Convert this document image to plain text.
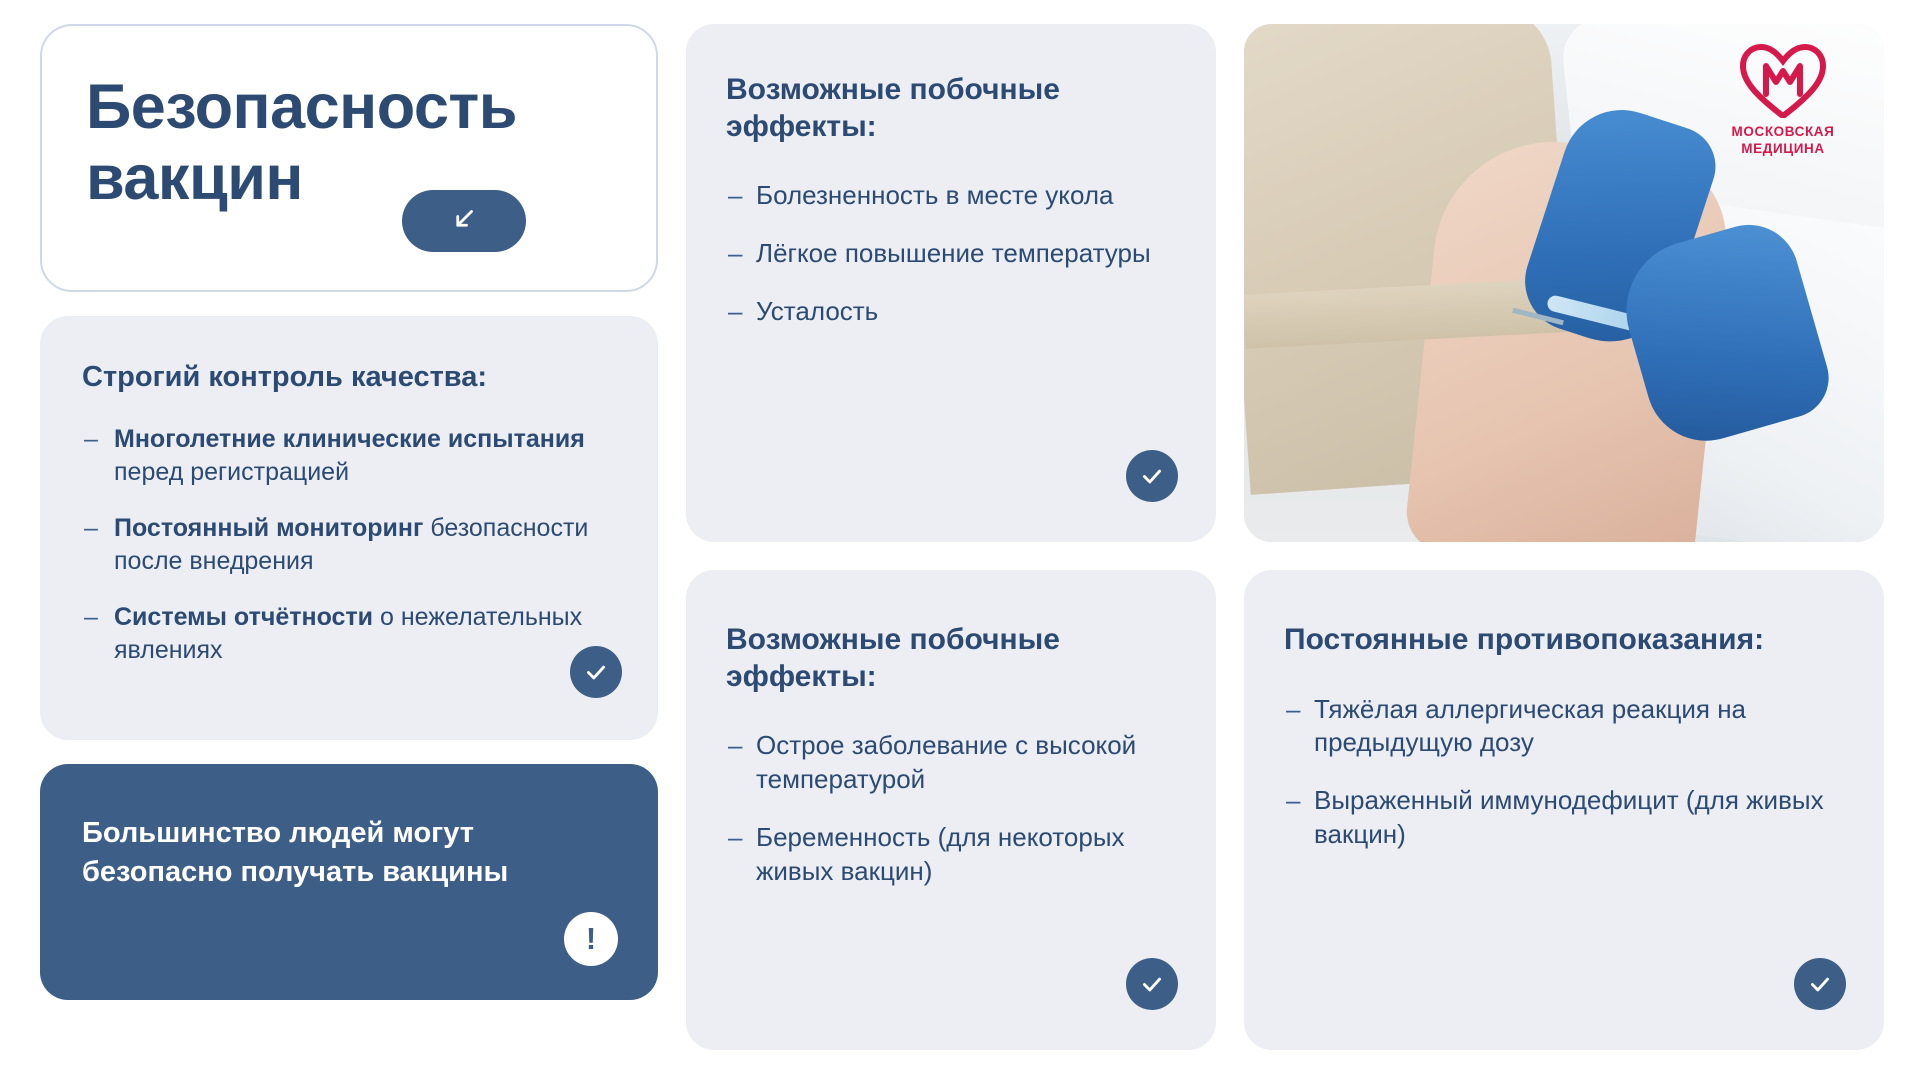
Безопасность вакцин
Строгий контроль качества:
– Многолетние клинические испытания перед регистрацией
– Постоянный мониторинг безопасности после внедрения
– Системы отчётности о нежелательных явлениях
Большинство людей могут безопасно получать вакцины
!
Возможные побочные эффекты:
– Болезненность в месте укола
– Лёгкое повышение температуры
– Усталость
Возможные побочные эффекты:
– Острое заболевание с высокой температурой
– Беременность (для некоторых живых вакцин)
МОСКОВСКАЯ
МЕДИЦИНА
Постоянные противопоказания:
– Тяжёлая аллергическая реакция на предыдущую дозу
– Выраженный иммунодефицит (для живых вакцин)
